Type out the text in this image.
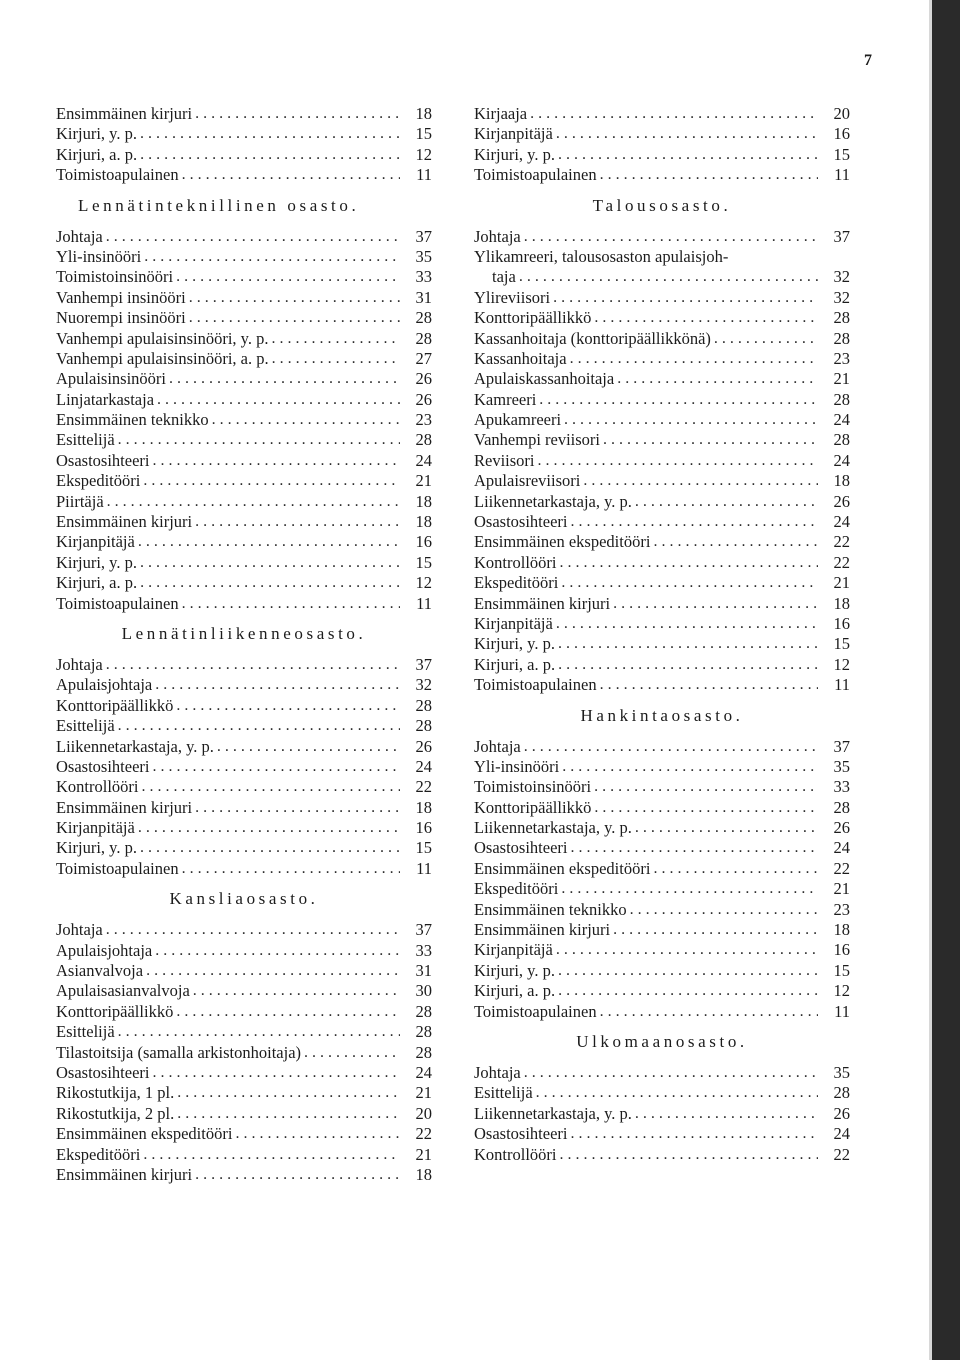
7
Ensimmäinen kirjuri . . .	18
Kirjuri, y. p. . . .	15
Kirjuri, a. p. . . .	12
Toimistoapulainen . . .	11
Lennätinteknillinen osasto.
Johtaja . . .	37
Yli-insinööri . . .	35
Toimistoinsinööri . . .	33
Vanhempi insinööri . . .	31
Nuorempi insinööri . . .	28
Vanhempi apulaisinsinööri, y. p. . . .	28
Vanhempi apulaisinsinööri, a. p. . . .	27
Apulaisinsinööri . . .	26
Linjatarkastaja . . .	26
Ensimmäinen teknikko . . .	23
Esittelijä . . .	28
Osastosihteeri . . .	24
Ekspeditööri . . .	21
Piirtäjä . . .	18
Ensimmäinen kirjuri . . .	18
Kirjanpitäjä . . .	16
Kirjuri, y. p. . . .	15
Kirjuri, a. p. . . .	12
Toimistoapulainen . . .	11
Lennätinliikenneosasto.
Johtaja . . .	37
Apulaisjohtaja . . .	32
Konttoripäällikkö . . .	28
Esittelijä . . .	28
Liikennetarkastaja, y. p. . . .	26
Osastosihteeri . . .	24
Kontrollööri . . .	22
Ensimmäinen kirjuri . . .	18
Kirjanpitäjä . . .	16
Kirjuri, y. p. . . .	15
Toimistoapulainen . . .	11
Kansliaosasto.
Johtaja . . .	37
Apulaisjohtaja . . .	33
Asianvalvoja . . .	31
Apulaisasianvalvoja . . .	30
Konttoripäällikkö . . .	28
Esittelijä . . .	28
Tilastoitsija (samalla arkistonhoitaja) . . .	28
Osastosihteeri . . .	24
Rikostutkija, 1 pl. . . .	21
Rikostutkija, 2 pl. . . .	20
Ensimmäinen ekspeditööri . . .	22
Ekspeditööri . . .	21
Ensimmäinen kirjuri . . .	18
Kirjaaja . . .	20
Kirjanpitäjä . . .	16
Kirjuri, y. p. . . .	15
Toimistoapulainen . . .	11
Talousosasto.
Johtaja . . .	37
Ylikamreeri, talousosaston apulaisjoh-
taja . . .	32
Ylireviisori . . .	32
Konttoripäällikkö . . .	28
Kassanhoitaja (konttoripäällikkönä) . . .	28
Kassanhoitaja . . .	23
Apulaiskassanhoitaja . . .	21
Kamreeri . . .	28
Apukamreeri . . .	24
Vanhempi reviisori . . .	28
Reviisori . . .	24
Apulaisreviisori . . .	18
Liikennetarkastaja, y. p. . . .	26
Osastosihteeri . . .	24
Ensimmäinen ekspeditööri . . .	22
Kontrollööri . . .	22
Ekspeditööri . . .	21
Ensimmäinen kirjuri . . .	18
Kirjanpitäjä . . .	16
Kirjuri, y. p. . . .	15
Kirjuri, a. p. . . .	12
Toimistoapulainen . . .	11
Hankintaosasto.
Johtaja . . .	37
Yli-insinööri . . .	35
Toimistoinsinööri . . .	33
Konttoripäällikkö . . .	28
Liikennetarkastaja, y. p. . . .	26
Osastosihteeri . . .	24
Ensimmäinen ekspeditööri . . .	22
Ekspeditööri . . .	21
Ensimmäinen teknikko . . .	23
Ensimmäinen kirjuri . . .	18
Kirjanpitäjä . . .	16
Kirjuri, y. p. . . .	15
Kirjuri, a. p. . . .	12
Toimistoapulainen . . .	11
Ulkomaanosasto.
Johtaja . . .	35
Esittelijä . . .	28
Liikennetarkastaja, y. p. . . .	26
Osastosihteeri . . .	24
Kontrollööri . . .	22
